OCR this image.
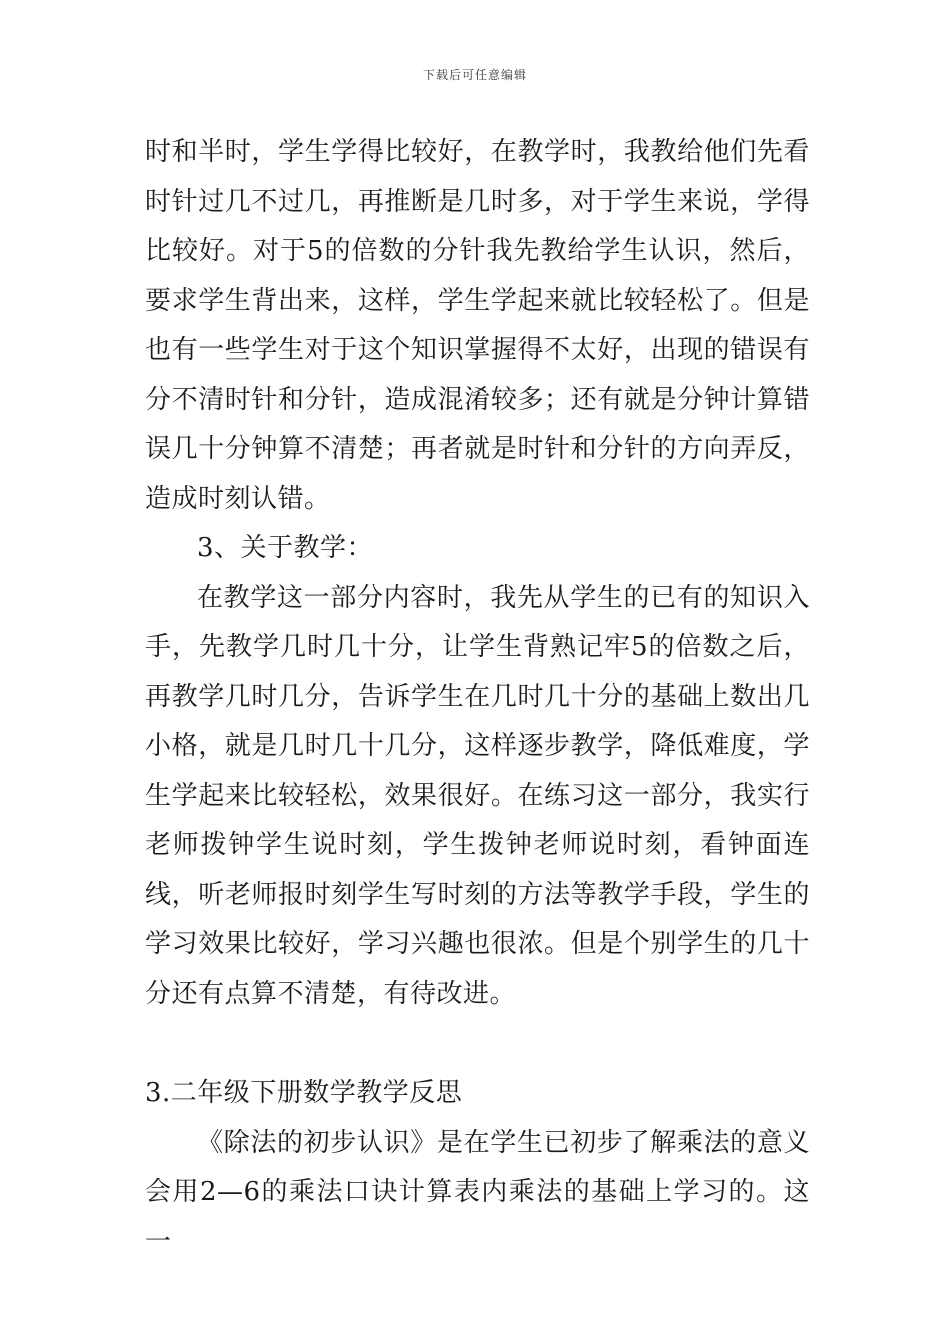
下载后可任意编辑

时和半时，学生学得比较好，在教学时，我教给他们先看时针过几不过几，再推断是几时多，对于学生来说，学得比较好。对于5的倍数的分针我先教给学生认识，然后，要求学生背出来，这样，学生学起来就比较轻松了。但是也有一些学生对于这个知识掌握得不太好，出现的错误有分不清时针和分针，造成混淆较多；还有就是分钟计算错误几十分钟算不清楚；再者就是时针和分针的方向弄反，造成时刻认错。

3、关于教学：

在教学这一部分内容时，我先从学生的已有的知识入手，先教学几时几十分，让学生背熟记牢5的倍数之后，再教学几时几分，告诉学生在几时几十分的基础上数出几小格，就是几时几十几分，这样逐步教学，降低难度，学生学起来比较轻松，效果很好。在练习这一部分，我实行老师拨钟学生说时刻，学生拨钟老师说时刻，看钟面连线，听老师报时刻学生写时刻的方法等教学手段，学生的学习效果比较好，学习兴趣也很浓。但是个别学生的几十分还有点算不清楚，有待改进。

3.二年级下册数学教学反思

《除法的初步认识》是在学生已初步了解乘法的意义会用2—6的乘法口诀计算表内乘法的基础上学习的。这一
